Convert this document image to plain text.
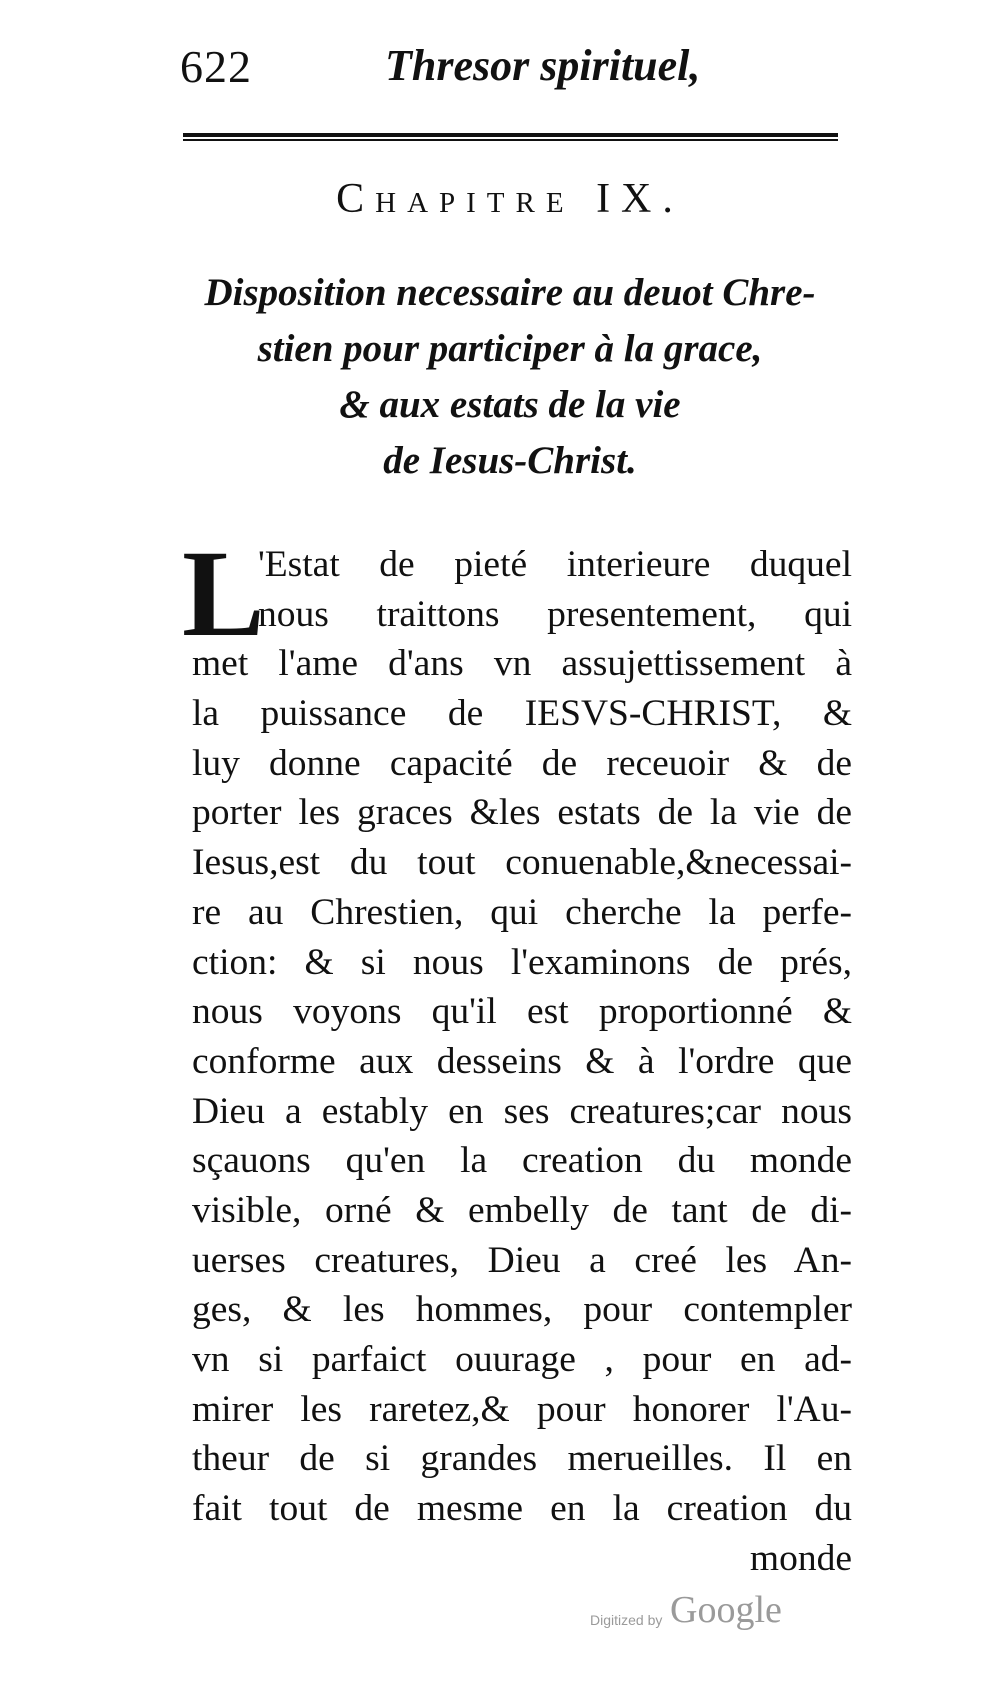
622	Thresor spirituel,
Chapitre IX.
Disposition necessaire au deuot Chre-
stien pour participer à la grace,
& aux estats de la vie
de Iesus-Christ.
L
'Estat de pieté interieure duquel
nous traittons presentement, qui
met l'ame d'ans vn assujettissement à
la puissance de IESVS-CHRIST, &
luy donne capacité de receuoir & de
porter les graces &les estats de la vie de
Iesus,est du tout conuenable,&necessai-
re au Chrestien, qui cherche la perfe-
ction: & si nous l'examinons de prés,
nous voyons qu'il est proportionné &
conforme aux desseins & à l'ordre que
Dieu a estably en ses creatures;car nous
sçauons qu'en la creation du monde
visible, orné & embelly de tant de di-
uerses creatures, Dieu a creé les An-
ges, & les hommes, pour contempler
vn si parfaict ouurage , pour en ad-
mirer les raretez,& pour honorer l'Au-
theur de si grandes merueilles. Il en
fait tout de mesme en la creation du
monde
Digitized by Google
